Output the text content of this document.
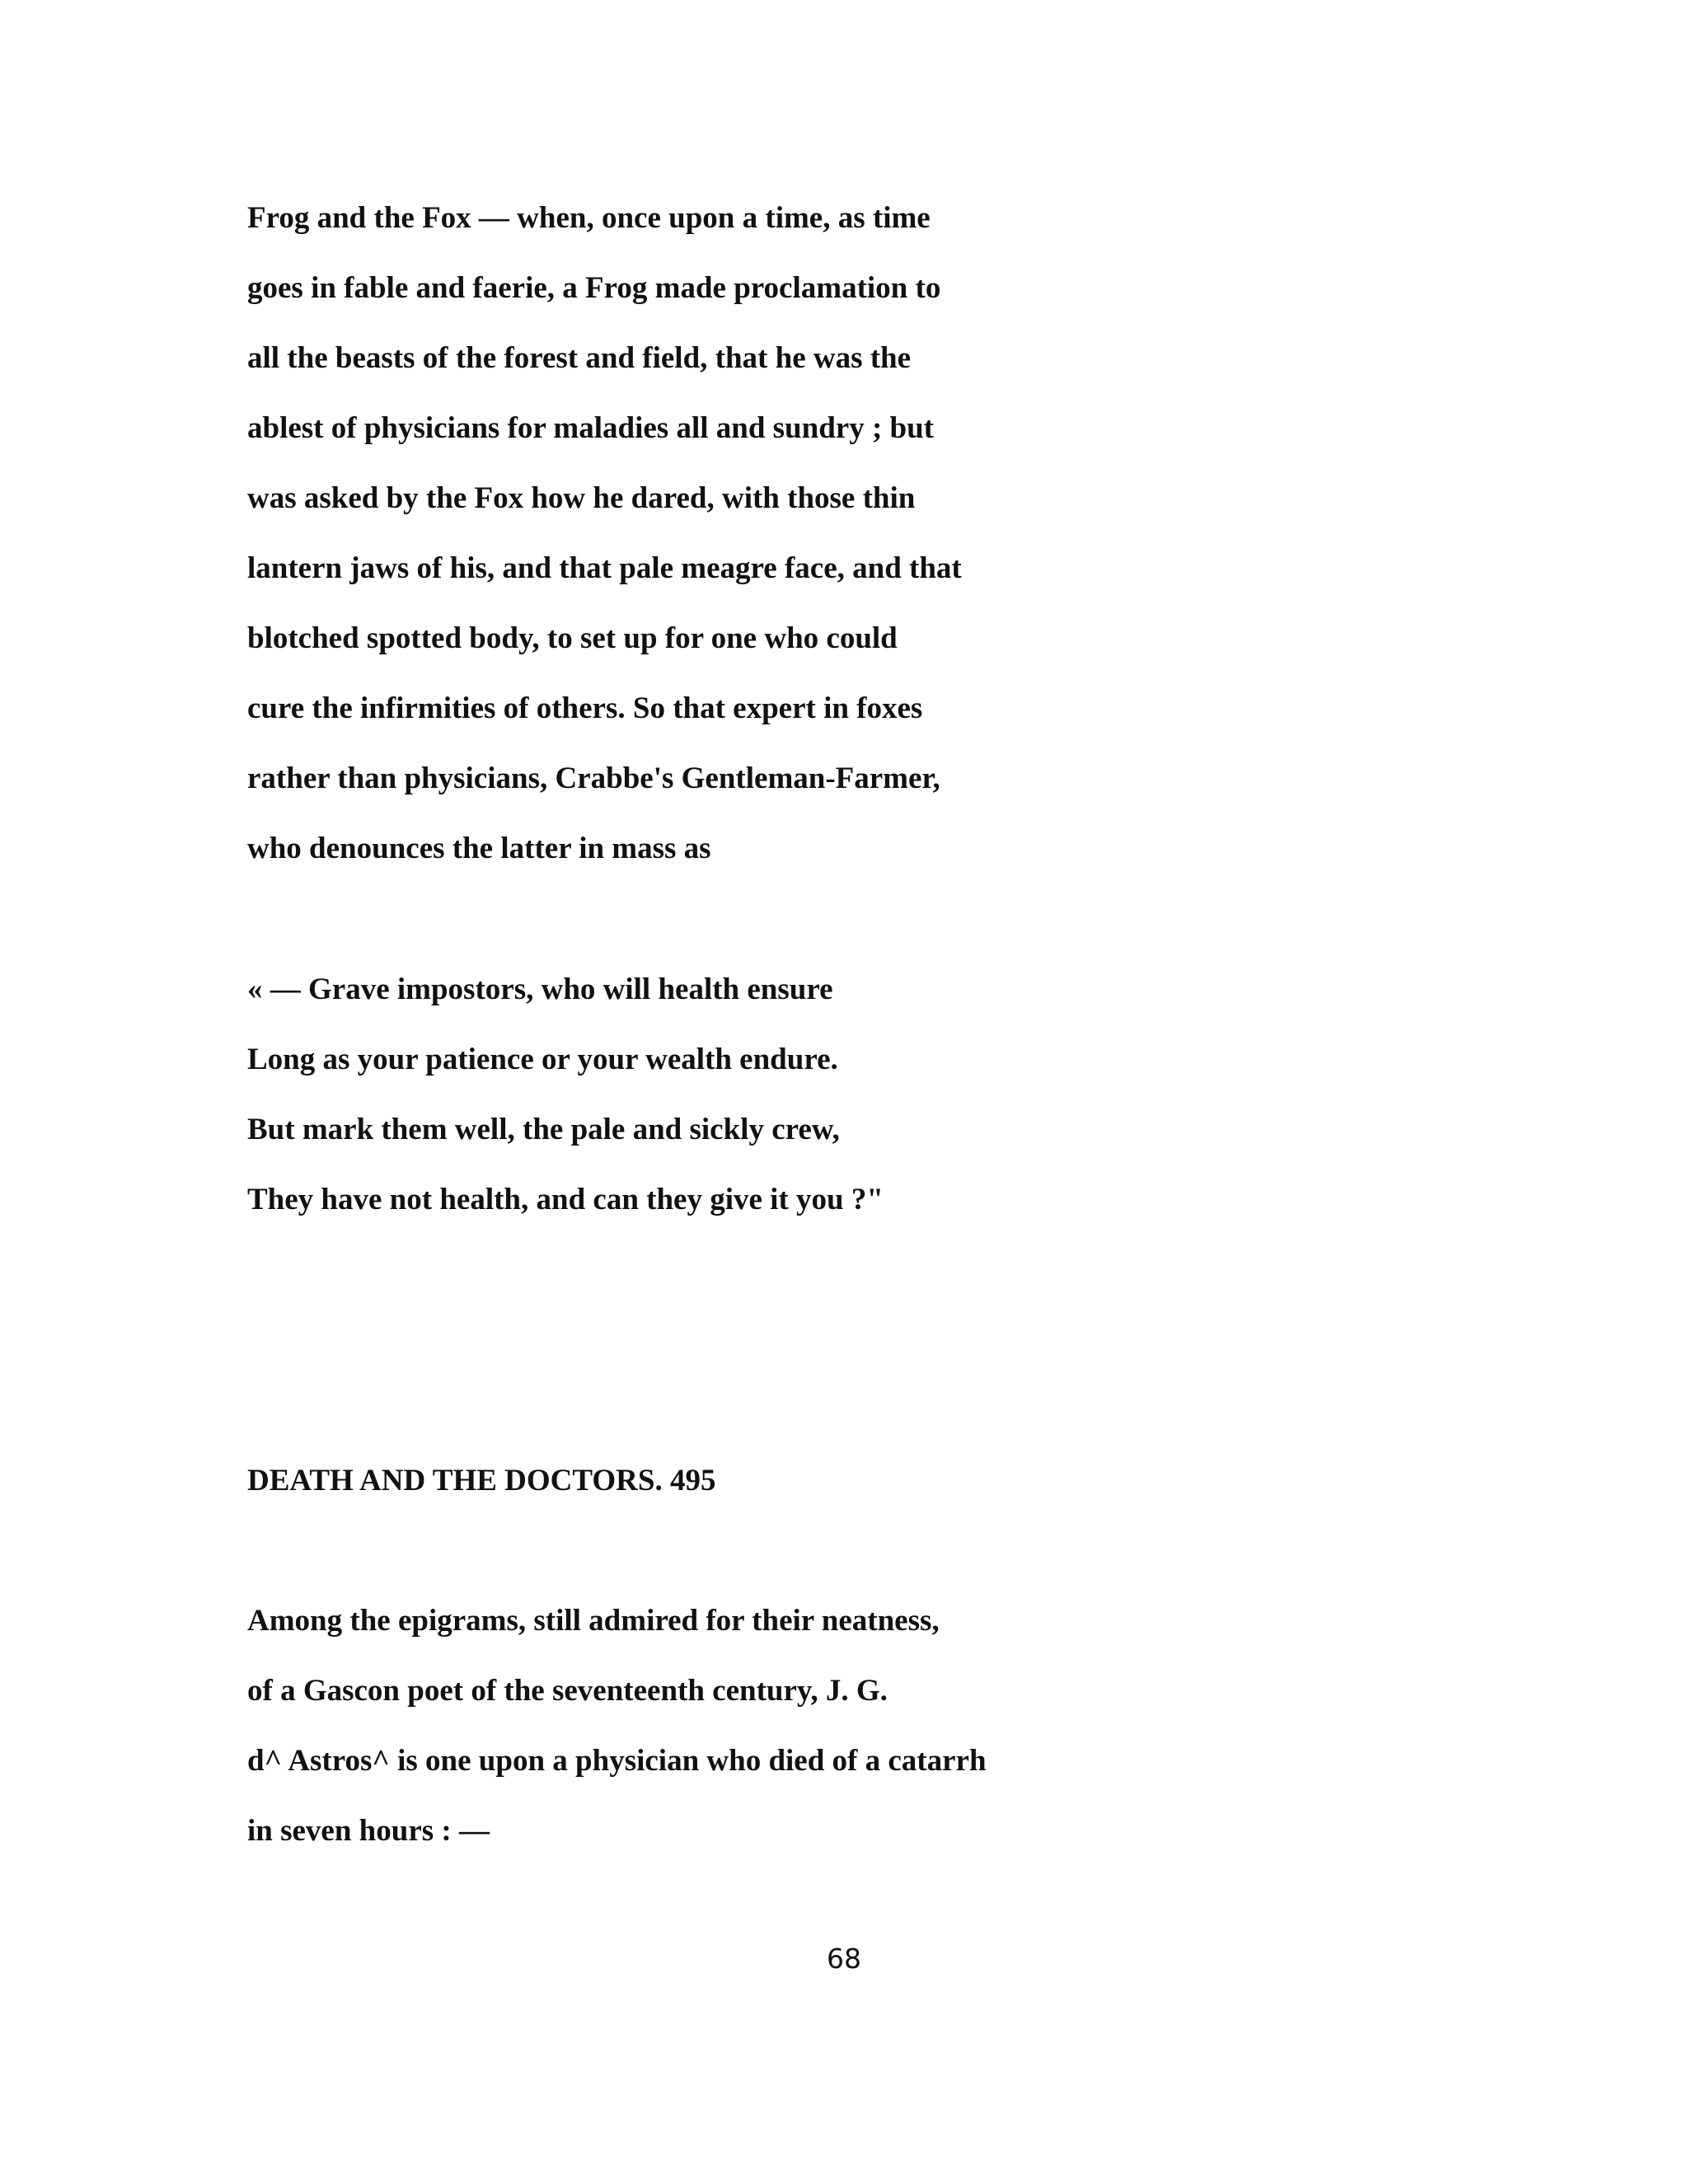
Frog and the Fox — when, once upon a time, as time
goes in fable and faerie, a Frog made proclamation to
all the beasts of the forest and field, that he was the
ablest of physicians for maladies all and sundry ; but
was asked by the Fox how he dared, with those thin
lantern jaws of his, and that pale meagre face, and that
blotched spotted body, to set up for one who could
cure the infirmities of others. So that expert in foxes
rather than physicians, Crabbe's Gentleman-Farmer,
who denounces the latter in mass as
« — Grave impostors, who will health ensure
Long as your patience or your wealth endure.
But mark them well, the pale and sickly crew,
They have not health, and can they give it you ?"
DEATH AND THE DOCTORS. 495
Among the epigrams, still admired for their neatness,
of a Gascon poet of the seventeenth century, J. G.
d^ Astros^ is one upon a physician who died of a catarrh
in seven hours : —
68
